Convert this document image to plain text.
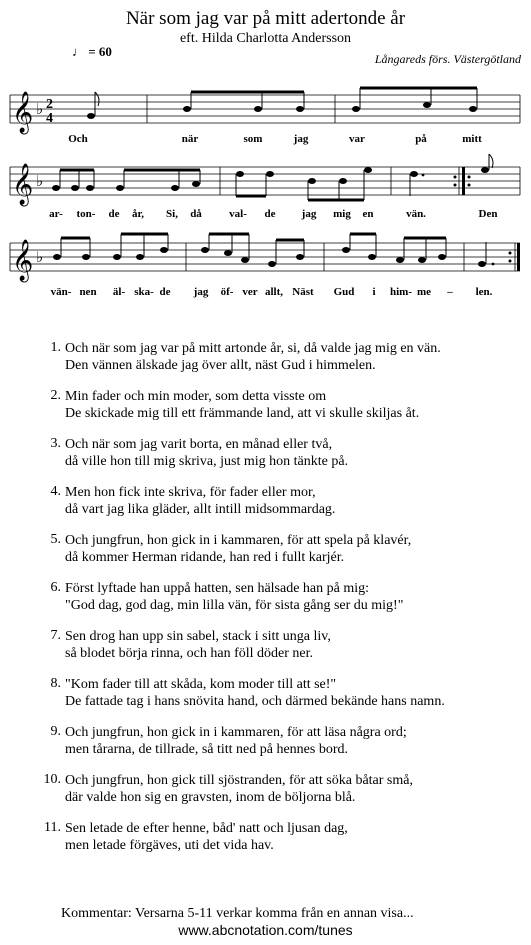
När som jag var på mitt adertonde år
eft. Hilda Charlotta Andersson
Långareds förs. Västergötland
♩ = 60
𝄞 ♭ 2
4
Och	när	som	jag	var	på	mitt
𝄞 ♭
ar- ton- de år, Si, då val- de jag mig en	vän.	Den
𝄞 ♭
vän- nen äl- ska- de jag öf- ver allt, Näst Gud i him- me – len.
1. Och när som jag var på mitt artonde år, si, då valde jag mig en vän.
Den vännen älskade jag över allt, näst Gud i himmelen.
2. Min fader och min moder, som detta visste om
De skickade mig till ett främmande land, att vi skulle skiljas åt.
3. Och när som jag varit borta, en månad eller två,
då ville hon till mig skriva, just mig hon tänkte på.
4. Men hon fick inte skriva, för fader eller mor,
då vart jag lika gläder, allt intill midsommardag.
5. Och jungfrun, hon gick in i kammaren, för att spela på klavér,
då kommer Herman ridande, han red i fullt karjér.
6. Först lyftade han uppå hatten, sen hälsade han på mig:
"God dag, god dag, min lilla vän, för sista gång ser du mig!"
7. Sen drog han upp sin sabel, stack i sitt unga liv,
så blodet börja rinna, och han föll döder ner.
8. "Kom fader till att skåda, kom moder till att se!"
De fattade tag i hans snövita hand, och därmed bekände hans namn.
9. Och jungfrun, hon gick in i kammaren, för att läsa några ord;
men tårarna, de tillrade, så titt ned på hennes bord.
10. Och jungfrun, hon gick till sjöstranden, för att söka båtar små,
där valde hon sig en gravsten, inom de böljorna blå.
11. Sen letade de efter henne, båd' natt och ljusan dag,
men letade förgäves, uti det vida hav.
Kommentar: Versarna 5-11 verkar komma från en annan visa...
www.abcnotation.com/tunes
